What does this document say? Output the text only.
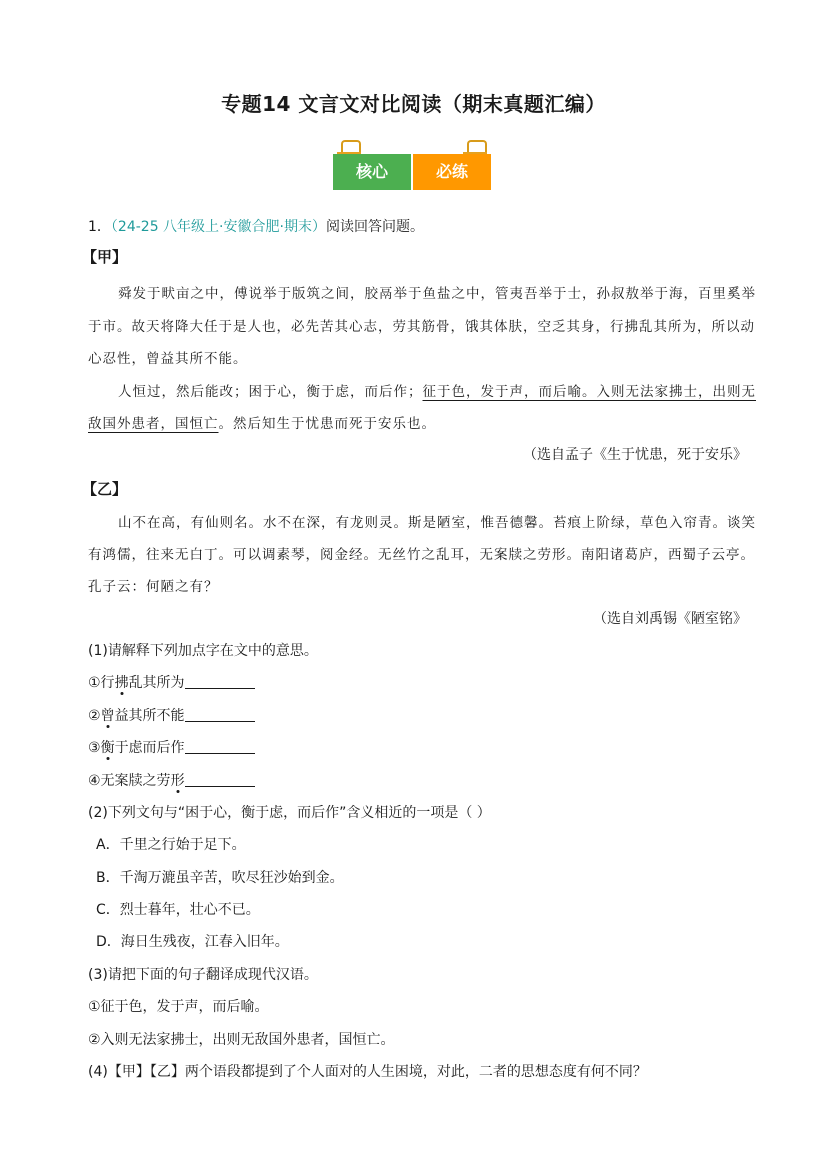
专题14 文言文对比阅读（期末真题汇编）
核心	必练
1．（24-25 八年级上·安徽合肥·期末）阅读回答问题。
【甲】
舜发于畎亩之中，傅说举于版筑之间，胶鬲举于鱼盐之中，管夷吾举于士，孙叔敖举于海，百里奚举
于市。故天将降大任于是人也，必先苦其心志，劳其筋骨，饿其体肤，空乏其身，行拂乱其所为，所以动
心忍性，曾益其所不能。
人恒过，然后能改；困于心，衡于虑，而后作；征于色，发于声，而后喻。入则无法家拂士，出则无
敌国外患者，国恒亡。然后知生于忧患而死于安乐也。
（选自孟子《生于忧患，死于安乐》
【乙】
山不在高，有仙则名。水不在深，有龙则灵。斯是陋室，惟吾德馨。苔痕上阶绿，草色入帘青。谈笑
有鸿儒，往来无白丁。可以调素琴，阅金经。无丝竹之乱耳，无案牍之劳形。南阳诸葛庐，西蜀子云亭。
孔子云：何陋之有？
（选自刘禹锡《陋室铭》
(1)请解释下列加点字在文中的意思。
①行拂乱其所为
②曾益其所不能
③衡于虑而后作
④无案牍之劳形
(2)下列文句与“困于心，衡于虑，而后作”含义相近的一项是（ ）
A．千里之行始于足下。
B．千淘万漉虽辛苦，吹尽狂沙始到金。
C．烈士暮年，壮心不已。
D．海日生残夜，江春入旧年。
(3)请把下面的句子翻译成现代汉语。
①征于色，发于声，而后喻。
②入则无法家拂士，出则无敌国外患者，国恒亡。
(4)【甲】【乙】两个语段都提到了个人面对的人生困境，对此，二者的思想态度有何不同？
